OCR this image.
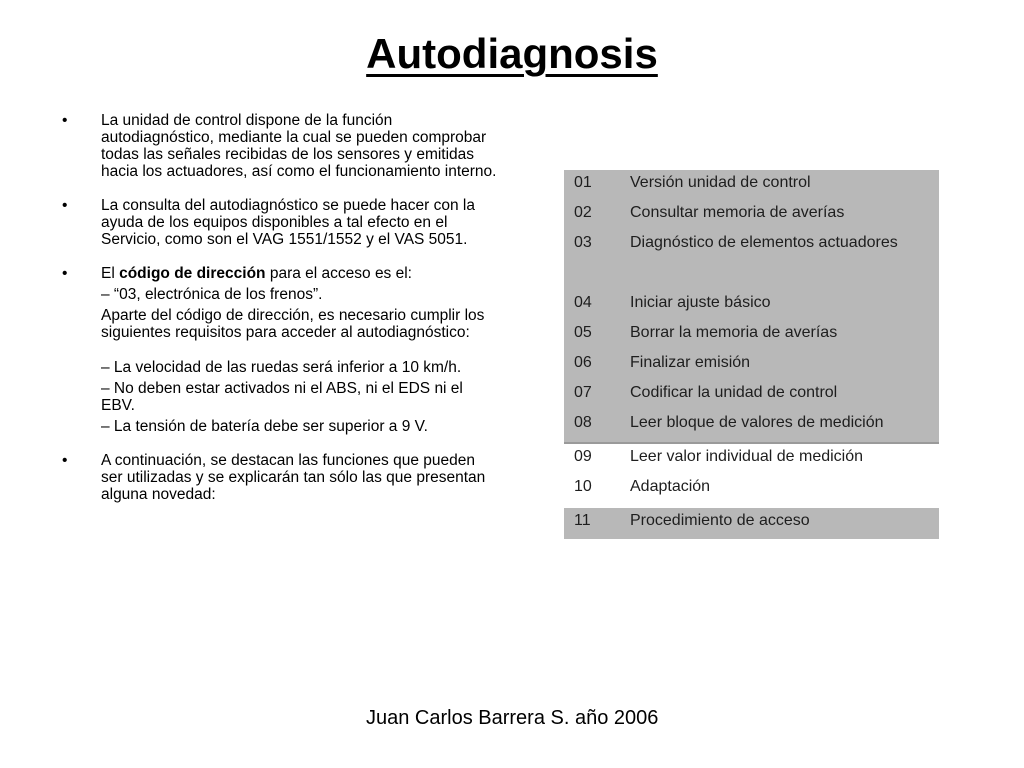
Autodiagnosis

• La unidad de control dispone de la función autodiagnóstico, mediante la cual se pueden comprobar todas las señales recibidas de los sensores y emitidas hacia los actuadores, así como el funcionamiento interno.

• La consulta del autodiagnóstico se puede hacer con la ayuda de los equipos disponibles a tal efecto en el Servicio, como son el VAG 1551/1552 y el VAS 5051.

• El código de dirección para el acceso es el:

– “03, electrónica de los frenos”.

Aparte del código de dirección, es necesario cumplir los siguientes requisitos para acceder al autodiagnóstico:

– La velocidad de las ruedas será inferior a 10 km/h.

– No deben estar activados ni el ABS, ni el EDS ni el EBV.

– La tensión de batería debe ser superior a 9 V.

• A continuación, se destacan las funciones que pueden ser utilizadas y se explicarán tan sólo las que presentan alguna novedad:

01	Versión unidad de control
02	Consultar memoria de averías
03	Diagnóstico de elementos actuadores
04	Iniciar ajuste básico
05	Borrar la memoria de averías
06	Finalizar emisión
07	Codificar la unidad de control
08	Leer bloque de valores de medición
09	Leer valor individual de medición
10	Adaptación
11	Procedimiento de acceso

Juan Carlos Barrera S. año 2006
